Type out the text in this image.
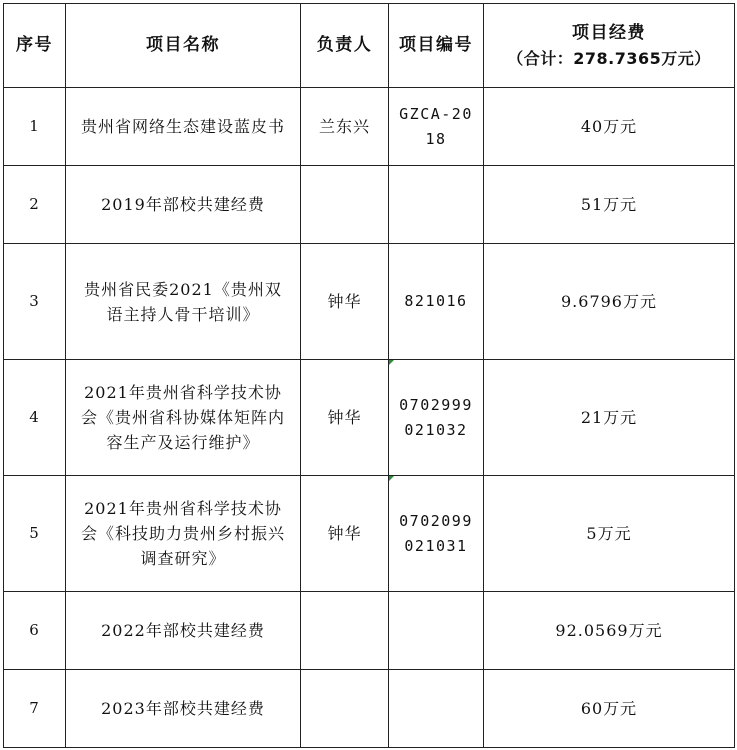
序号	项目名称	负责人	项目编号	项目经费
（合计：278.7365万元）

1	贵州省网络生态建设蓝皮书	兰东兴	GZCA-2018	40万元
2	2019年部校共建经费			51万元
3	贵州省民委2021《贵州双语主持人骨干培训》	钟华	821016	9.6796万元
4	2021年贵州省科学技术协会《贵州省科协媒体矩阵内容生产及运行维护》	钟华	0702999021032	21万元
5	2021年贵州省科学技术协会《科技助力贵州乡村振兴调查研究》	钟华	0702099021031	5万元
6	2022年部校共建经费			92.0569万元
7	2023年部校共建经费			60万元
